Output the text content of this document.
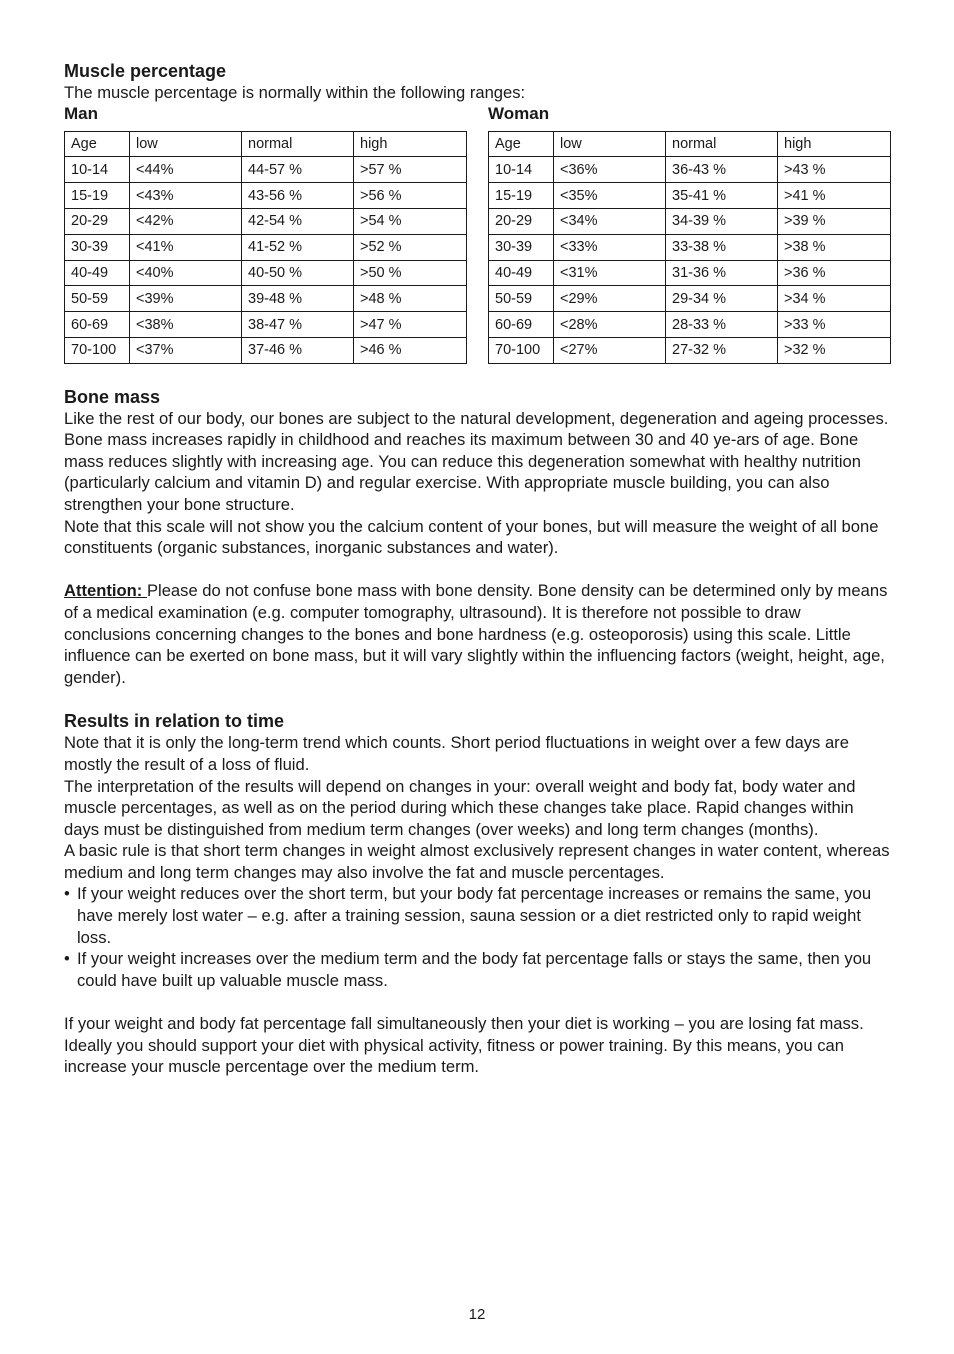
Muscle percentage

The muscle percentage is normally within the following ranges:

Man
Age	low	normal	high
10-14	<44%	44-57 %	>57 %
15-19	<43%	43-56 %	>56 %
20-29	<42%	42-54 %	>54 %
30-39	<41%	41-52 %	>52 %
40-49	<40%	40-50 %	>50 %
50-59	<39%	39-48 %	>48 %
60-69	<38%	38-47 %	>47 %
70-100	<37%	37-46 %	>46 %
Woman
Age	low	normal	high
10-14	<36%	36-43 %	>43 %
15-19	<35%	35-41 %	>41 %
20-29	<34%	34-39 %	>39 %
30-39	<33%	33-38 %	>38 %
40-49	<31%	31-36 %	>36 %
50-59	<29%	29-34 %	>34 %
60-69	<28%	28-33 %	>33 %
70-100	<27%	27-32 %	>32 %
Bone mass

Like the rest of our body, our bones are subject to the natural development, degeneration and ageing processes. Bone mass increases rapidly in childhood and reaches its maximum between 30 and 40 ye-ars of age. Bone mass reduces slightly with increasing age. You can reduce this degeneration somewhat with healthy nutrition (particularly calcium and vitamin D) and regular exercise. With appropriate muscle building, you can also strengthen your bone structure.

Note that this scale will not show you the calcium content of your bones, but will measure the weight of all bone constituents (organic substances, inorganic substances and water).

Attention: Please do not confuse bone mass with bone density. Bone density can be determined only by means of a medical examination (e.g. computer tomography, ultrasound). It is therefore not possible to draw conclusions concerning changes to the bones and bone hardness (e.g. osteoporosis) using this scale. Little influence can be exerted on bone mass, but it will vary slightly within the influencing factors (weight, height, age, gender).

Results in relation to time

Note that it is only the long-term trend which counts. Short period fluctuations in weight over a few days are mostly the result of a loss of fluid.

The interpretation of the results will depend on changes in your: overall weight and body fat, body water and muscle percentages, as well as on the period during which these changes take place. Rapid changes within days must be distinguished from medium term changes (over weeks) and long term changes (months).

A basic rule is that short term changes in weight almost exclusively represent changes in water content, whereas medium and long term changes may also involve the fat and muscle percentages.

• If your weight reduces over the short term, but your body fat percentage increases or remains the same, you have merely lost water – e.g. after a training session, sauna session or a diet restricted only to rapid weight loss.
• If your weight increases over the medium term and the body fat percentage falls or stays the same, then you could have built up valuable muscle mass.

If your weight and body fat percentage fall simultaneously then your diet is working – you are losing fat mass. Ideally you should support your diet with physical activity, fitness or power training. By this means, you can increase your muscle percentage over the medium term.

12
